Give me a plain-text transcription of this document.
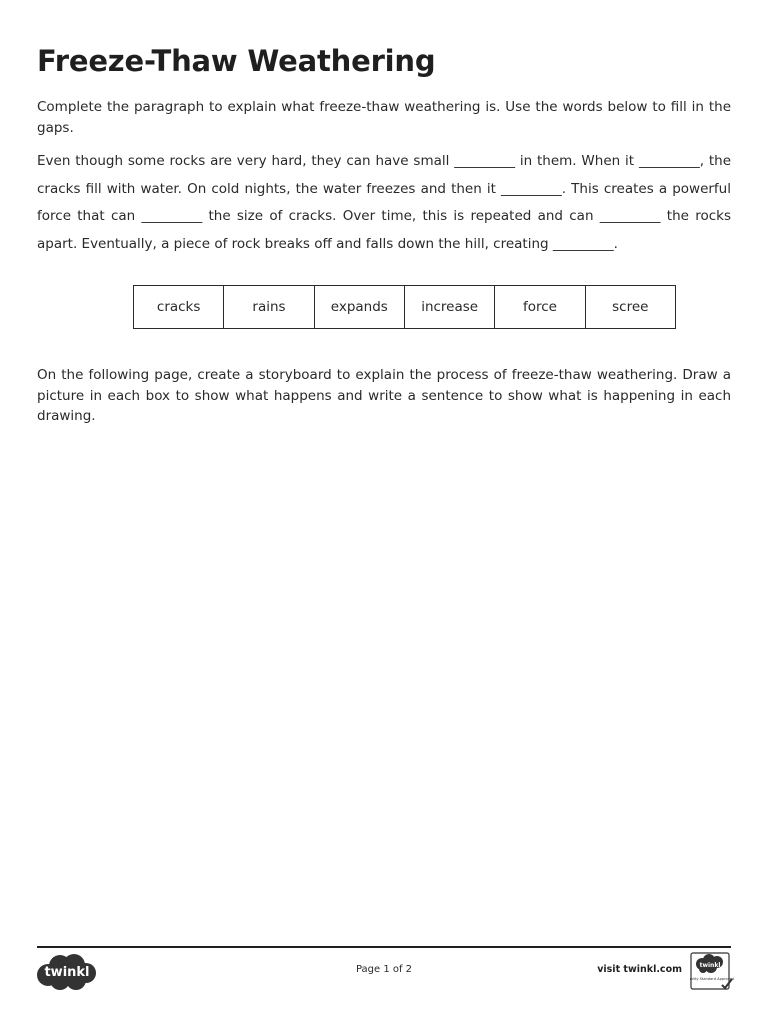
Freeze-Thaw Weathering

Complete the paragraph to explain what freeze-thaw weathering is. Use the words below to fill in the gaps.

Even though some rocks are very hard, they can have small _________ in them. When it _________, the cracks fill with water. On cold nights, the water freezes and then it _________. This creates a powerful force that can _________ the size of cracks. Over time, this is repeated and can _________ the rocks apart. Eventually, a piece of rock breaks off and falls down the hill, creating _________.

cracks	rains	expands	increase	force	scree

On the following page, create a storyboard to explain the process of freeze-thaw weathering. Draw a picture in each box to show what happens and write a sentence to show what is happening in each drawing.

twinkl	Page 1 of 2	visit twinkl.com	twinkl
Quality Standard Approved
